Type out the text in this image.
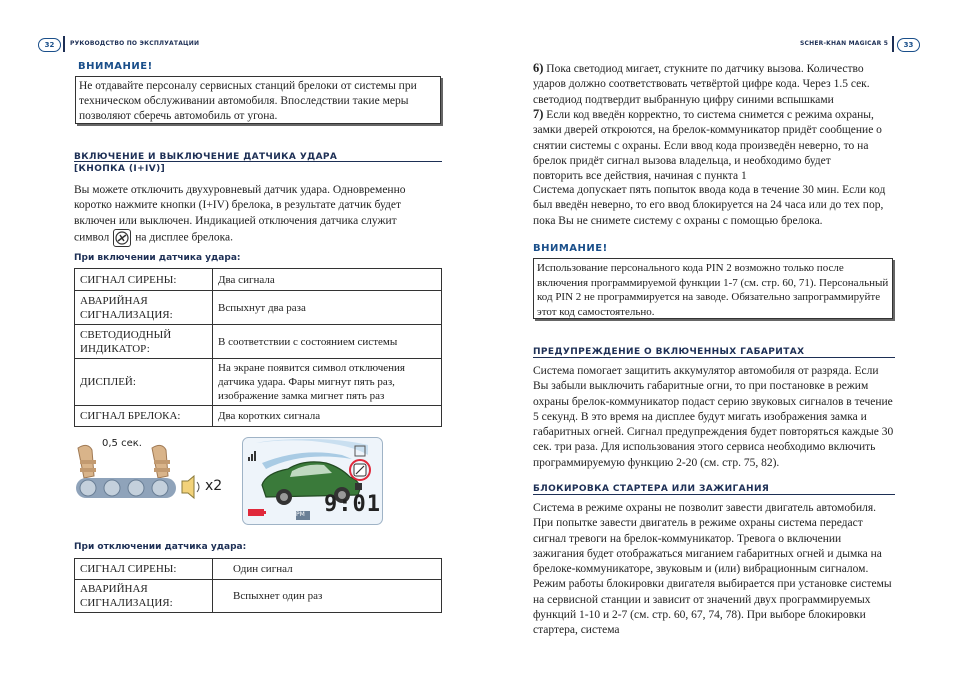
32	РУКОВОДСТВО ПО ЭКСПЛУАТАЦИИ	SCHER-KHAN MAGICAR 5	33
ВНИМАНИЕ!
Не отдавайте персоналу сервисных станций брелоки от системы при техническом обслуживании автомобиля. Впоследствии такие меры позволяют сберечь автомобиль от угона.
ВКЛЮЧЕНИЕ И ВЫКЛЮЧЕНИЕ ДАТЧИКА УДАРА
[КНОПКА (I+IV)]
Вы можете отключить двухуровневый датчик удара. Одновременно коротко нажмите кнопки (I+IV) брелока, в результате датчик будет включен или выключен. Индикацией отключения датчика служит символ на дисплее брелока.
При включении датчика удара:
СИГНАЛ СИРЕНЫ:	Два сигнала
АВАРИЙНАЯ СИГНАЛИЗАЦИЯ:	Вспыхнут два раза
СВЕТОДИОДНЫЙ ИНДИКАТОР:	В соответствии с состоянием системы
ДИСПЛЕЙ:	На экране появится символ отключения датчика удара. Фары мигнут пять раз, изображение замка мигнет пять раз
СИГНАЛ БРЕЛОКА:	Два коротких сигнала
0,5 сек.
x2
PM 9:01
При отключении датчика удара:
СИГНАЛ СИРЕНЫ:	Один сигнал
АВАРИЙНАЯ СИГНАЛИЗАЦИЯ:	Вспыхнет один раз
6) Пока светодиод мигает, стукните по датчику вызова. Количество ударов должно соответствовать четвёртой цифре кода. Через 1.5 сек. светодиод подтвердит выбранную цифру синими вспышками
7) Если код введён корректно, то система снимется с режима охраны, замки дверей откроются, на брелок-коммуникатор придёт сообщение о снятии системы с охраны. Если ввод кода произведён неверно, то на брелок придёт сигнал вызова владельца, и необходимо будет повторить все действия, начиная с пункта 1
Система допускает пять попыток ввода кода в течение 30 мин. Если код был введён неверно, то его ввод блокируется на 24 часа или до тех пор, пока Вы не снимете систему с охраны с помощью брелока.
ВНИМАНИЕ!
Использование персонального кода PIN 2 возможно только после включения программируемой функции 1-7 (см. стр. 60, 71). Персональный код PIN 2 не программируется на заводе. Обязательно запрограммируйте этот код самостоятельно.
ПРЕДУПРЕЖДЕНИЕ О ВКЛЮЧЕННЫХ ГАБАРИТАХ
Система помогает защитить аккумулятор автомобиля от разряда. Если Вы забыли выключить габаритные огни, то при постановке в режим охраны брелок-коммуникатор подаст серию звуковых сигналов в течение 5 секунд. В это время на дисплее будут мигать изображения замка и габаритных огней. Сигнал предупреждения будет повторяться каждые 30 сек. три раза. Для использования этого сервиса необходимо включить программируемую функцию 2-20 (см. стр. 75, 82).
БЛОКИРОВКА СТАРТЕРА ИЛИ ЗАЖИГАНИЯ
Система в режиме охраны не позволит завести двигатель автомобиля. При попытке завести двигатель в режиме охраны система передаст сигнал тревоги на брелок-коммуникатор. Тревога о включении зажигания будет отображаться миганием габаритных огней и дымка на брелоке-коммуникаторе, звуковым и (или) вибрационным сигналом. Режим работы блокировки двигателя выбирается при установке системы на сервисной станции и зависит от значений двух программируемых функций 1-10 и 2-7 (см. стр. 60, 67, 74, 78). При выборе блокировки стартера, система
